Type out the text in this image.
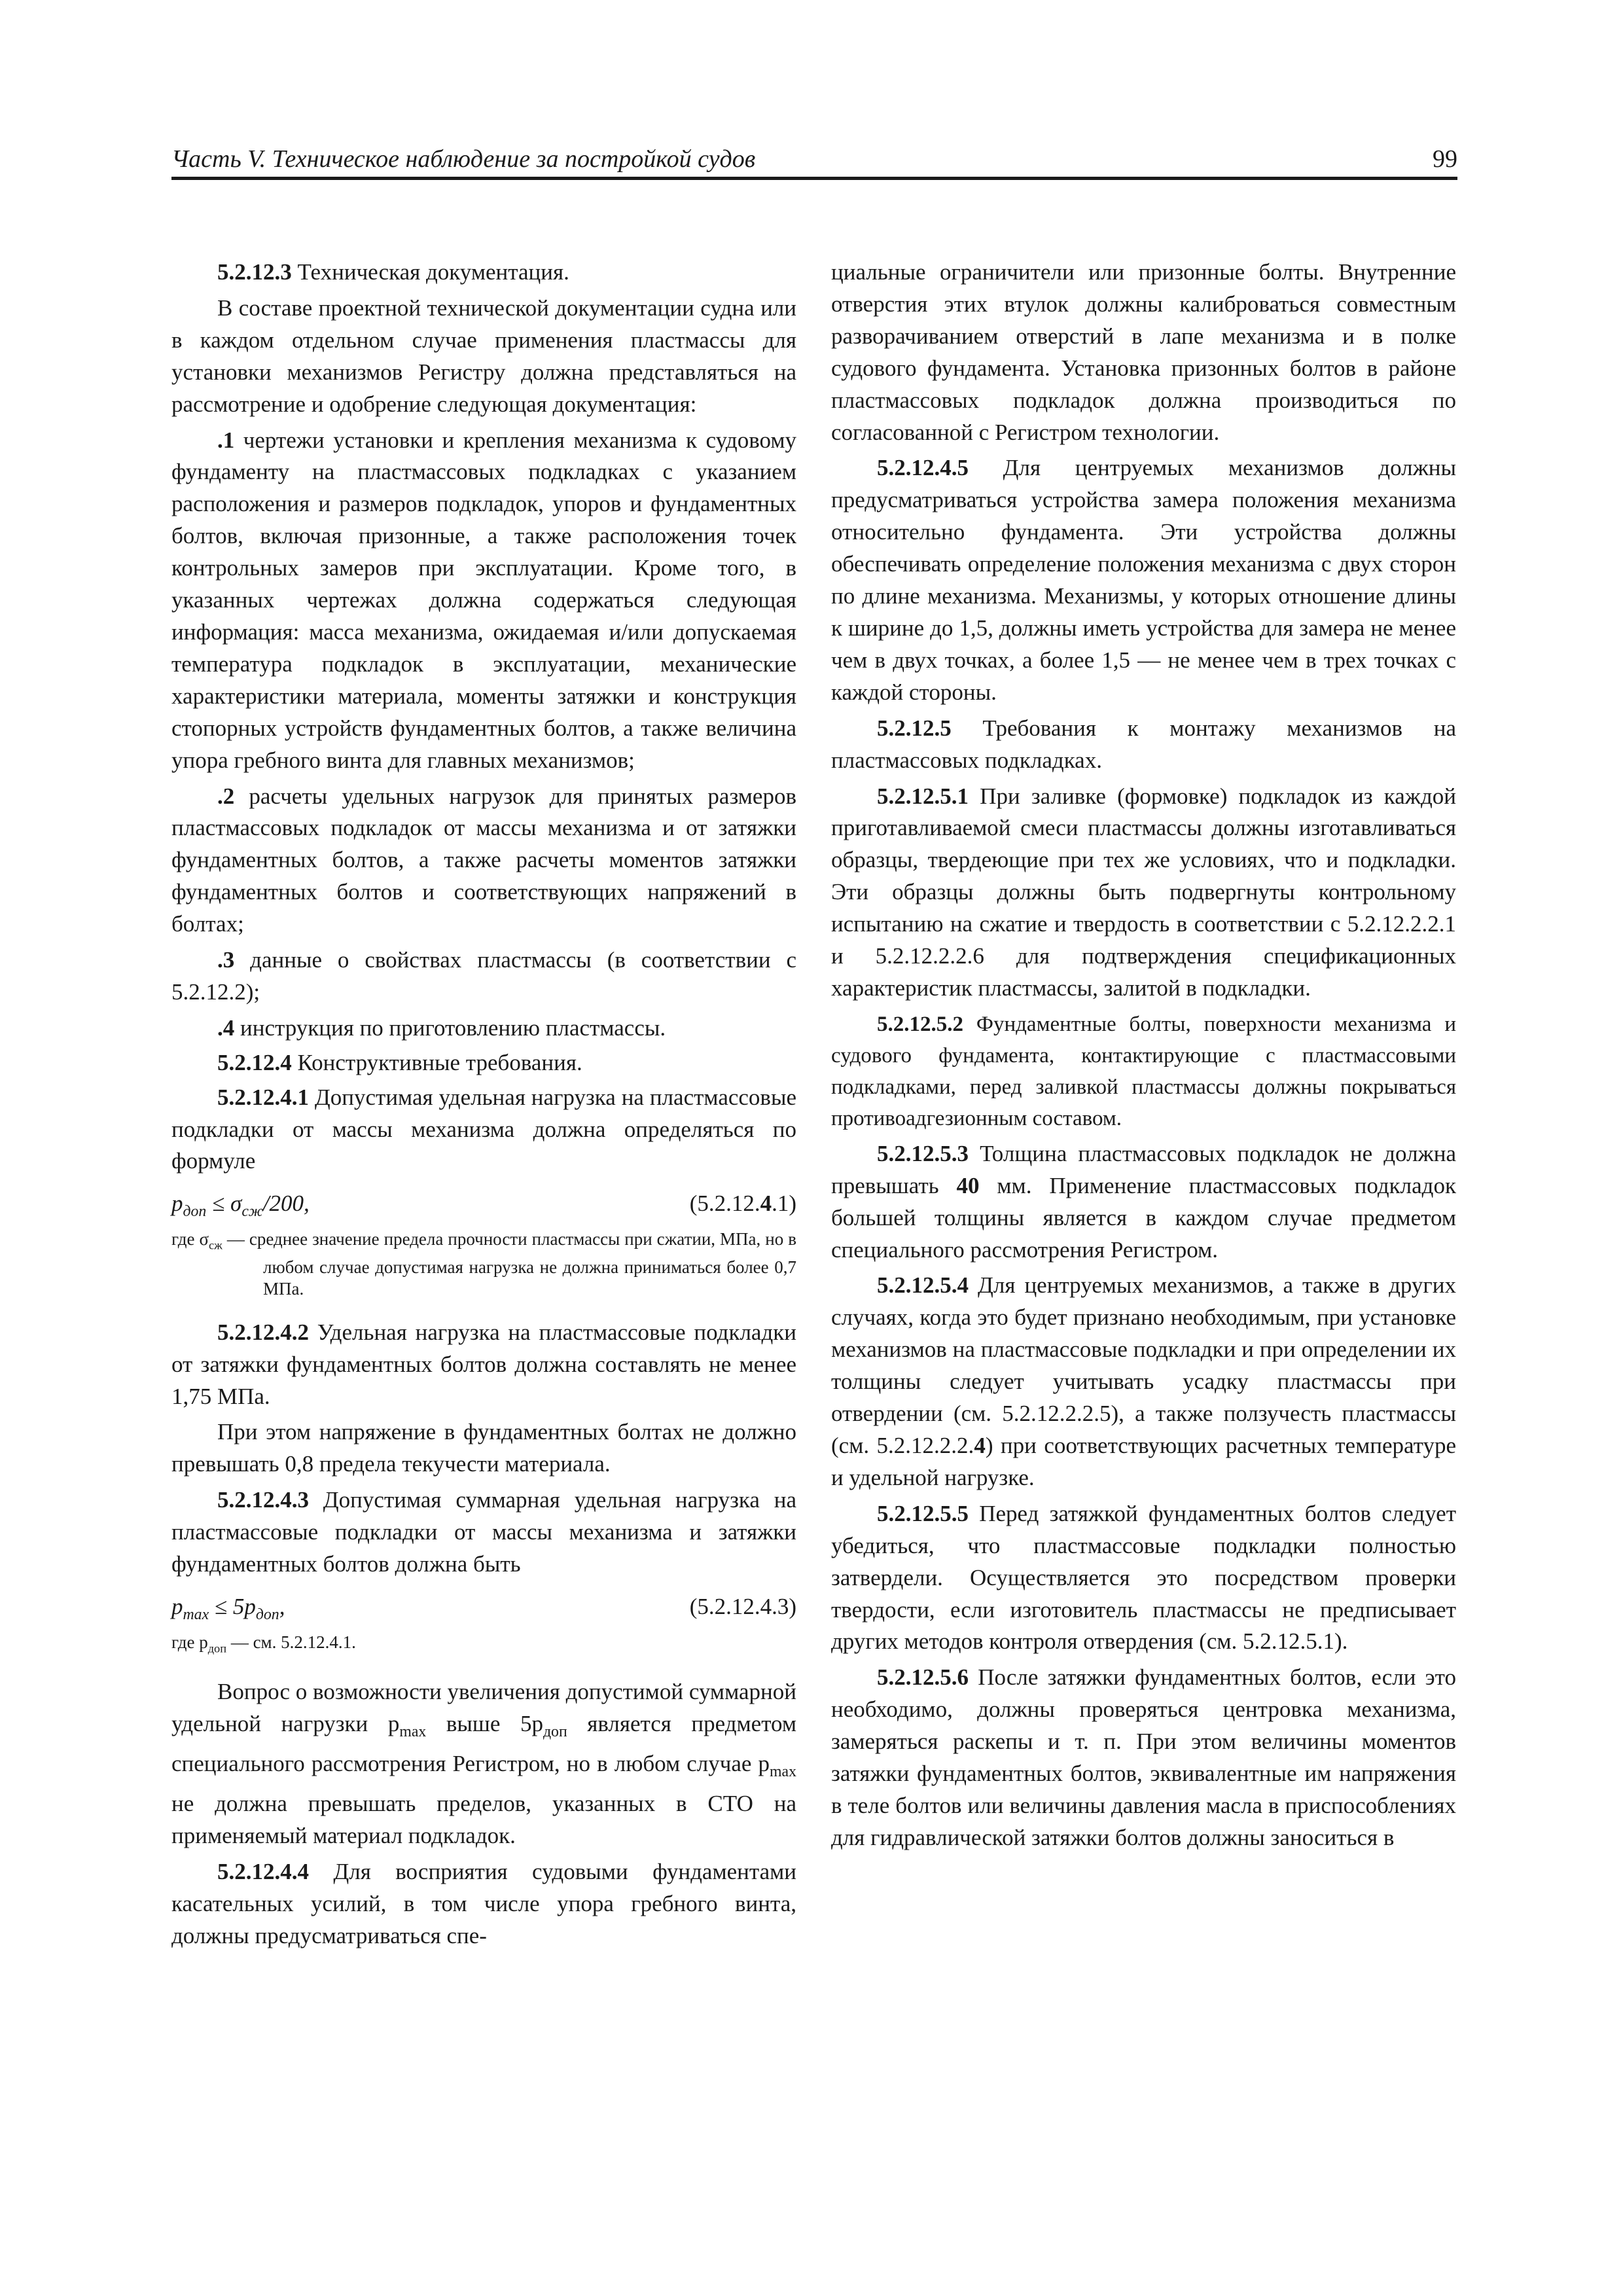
Часть V. Техническое наблюдение за постройкой судов	99

5.2.12.3 Техническая документация.

В составе проектной технической документации судна или в каждом отдельном случае применения пластмассы для установки механизмов Регистру должна представляться на рассмотрение и одобрение следующая документация:

.1 чертежи установки и крепления механизма к судовому фундаменту на пластмассовых подкладках с указанием расположения и размеров подкладок, упоров и фундаментных болтов, включая призонные, а также расположения точек контрольных замеров при эксплуатации. Кроме того, в указанных чертежах должна содержаться следующая информация: масса механизма, ожидаемая и/или допускаемая температура подкладок в эксплуатации, механические характеристики материала, моменты затяжки и конструкция стопорных устройств фундаментных болтов, а также величина упора гребного винта для главных механизмов;

.2 расчеты удельных нагрузок для принятых размеров пластмассовых подкладок от массы механизма и от затяжки фундаментных болтов, а также расчеты моментов затяжки фундаментных болтов и соответствующих напряжений в болтах;

.3 данные о свойствах пластмассы (в соответствии с 5.2.12.2);

.4 инструкция по приготовлению пластмассы.

5.2.12.4 Конструктивные требования.

5.2.12.4.1 Допустимая удельная нагрузка на пластмассовые подкладки от массы механизма должна определяться по формуле

$p_{доп} \le \sigma_{сж}/200$,	(5.2.12.4.1)
где $\sigma_{сж}$ — среднее значение предела прочности пластмассы при сжатии, МПа, но в любом случае допустимая нагрузка не должна приниматься более 0,7 МПа.

5.2.12.4.2 Удельная нагрузка на пластмассовые подкладки от затяжки фундаментных болтов должна составлять не менее 1,75 МПа.

При этом напряжение в фундаментных болтах не должно превышать 0,8 предела текучести материала.

5.2.12.4.3 Допустимая суммарная удельная нагрузка на пластмассовые подкладки от массы механизма и затяжки фундаментных болтов должна быть

$p_{max} \le 5p_{доп}$,	(5.2.12.4.3)
где $p_{доп}$ — см. 5.2.12.4.1.

Вопрос о возможности увеличения допустимой суммарной удельной нагрузки $p_{max}$ выше $5p_{доп}$ является предметом специального рассмотрения Регистром, но в любом случае $p_{max}$ не должна превышать пределов, указанных в СТО на применяемый материал подкладок.

5.2.12.4.4 Для восприятия судовыми фундаментами касательных усилий, в том числе упора гребного винта, должны предусматриваться спе-

циальные ограничители или призонные болты. Внутренние отверстия этих втулок должны калиброваться совместным разворачиванием отверстий в лапе механизма и в полке судового фундамента. Установка призонных болтов в районе пластмассовых подкладок должна производиться по согласованной с Регистром технологии.

5.2.12.4.5 Для центруемых механизмов должны предусматриваться устройства замера положения механизма относительно фундамента. Эти устройства должны обеспечивать определение положения механизма с двух сторон по длине механизма. Механизмы, у которых отношение длины к ширине до 1,5, должны иметь устройства для замера не менее чем в двух точках, а более 1,5 — не менее чем в трех точках с каждой стороны.

5.2.12.5 Требования к монтажу механизмов на пластмассовых подкладках.

5.2.12.5.1 При заливке (формовке) подкладок из каждой приготавливаемой смеси пластмассы должны изготавливаться образцы, твердеющие при тех же условиях, что и подкладки. Эти образцы должны быть подвергнуты контрольному испытанию на сжатие и твердость в соответствии с 5.2.12.2.2.1 и 5.2.12.2.2.6 для подтверждения спецификационных характеристик пластмассы, залитой в подкладки.

5.2.12.5.2 Фундаментные болты, поверхности механизма и судового фундамента, контактирующие с пластмассовыми подкладками, перед заливкой пластмассы должны покрываться противоадгезионным составом.

5.2.12.5.3 Толщина пластмассовых подкладок не должна превышать 40 мм. Применение пластмассовых подкладок большей толщины является в каждом случае предметом специального рассмотрения Регистром.

5.2.12.5.4 Для центруемых механизмов, а также в других случаях, когда это будет признано необходимым, при установке механизмов на пластмассовые подкладки и при определении их толщины следует учитывать усадку пластмассы при отвердении (см. 5.2.12.2.2.5), а также ползучесть пластмассы (см. 5.2.12.2.2.4) при соответствующих расчетных температуре и удельной нагрузке.

5.2.12.5.5 Перед затяжкой фундаментных болтов следует убедиться, что пластмассовые подкладки полностью затвердели. Осуществляется это посредством проверки твердости, если изготовитель пластмассы не предписывает других методов контроля отвердения (см. 5.2.12.5.1).

5.2.12.5.6 После затяжки фундаментных болтов, если это необходимо, должны проверяться центровка механизма, замеряться раскепы и т. п. При этом величины моментов затяжки фундаментных болтов, эквивалентные им напряжения в теле болтов или величины давления масла в приспособлениях для гидравлической затяжки болтов должны заноситься в
